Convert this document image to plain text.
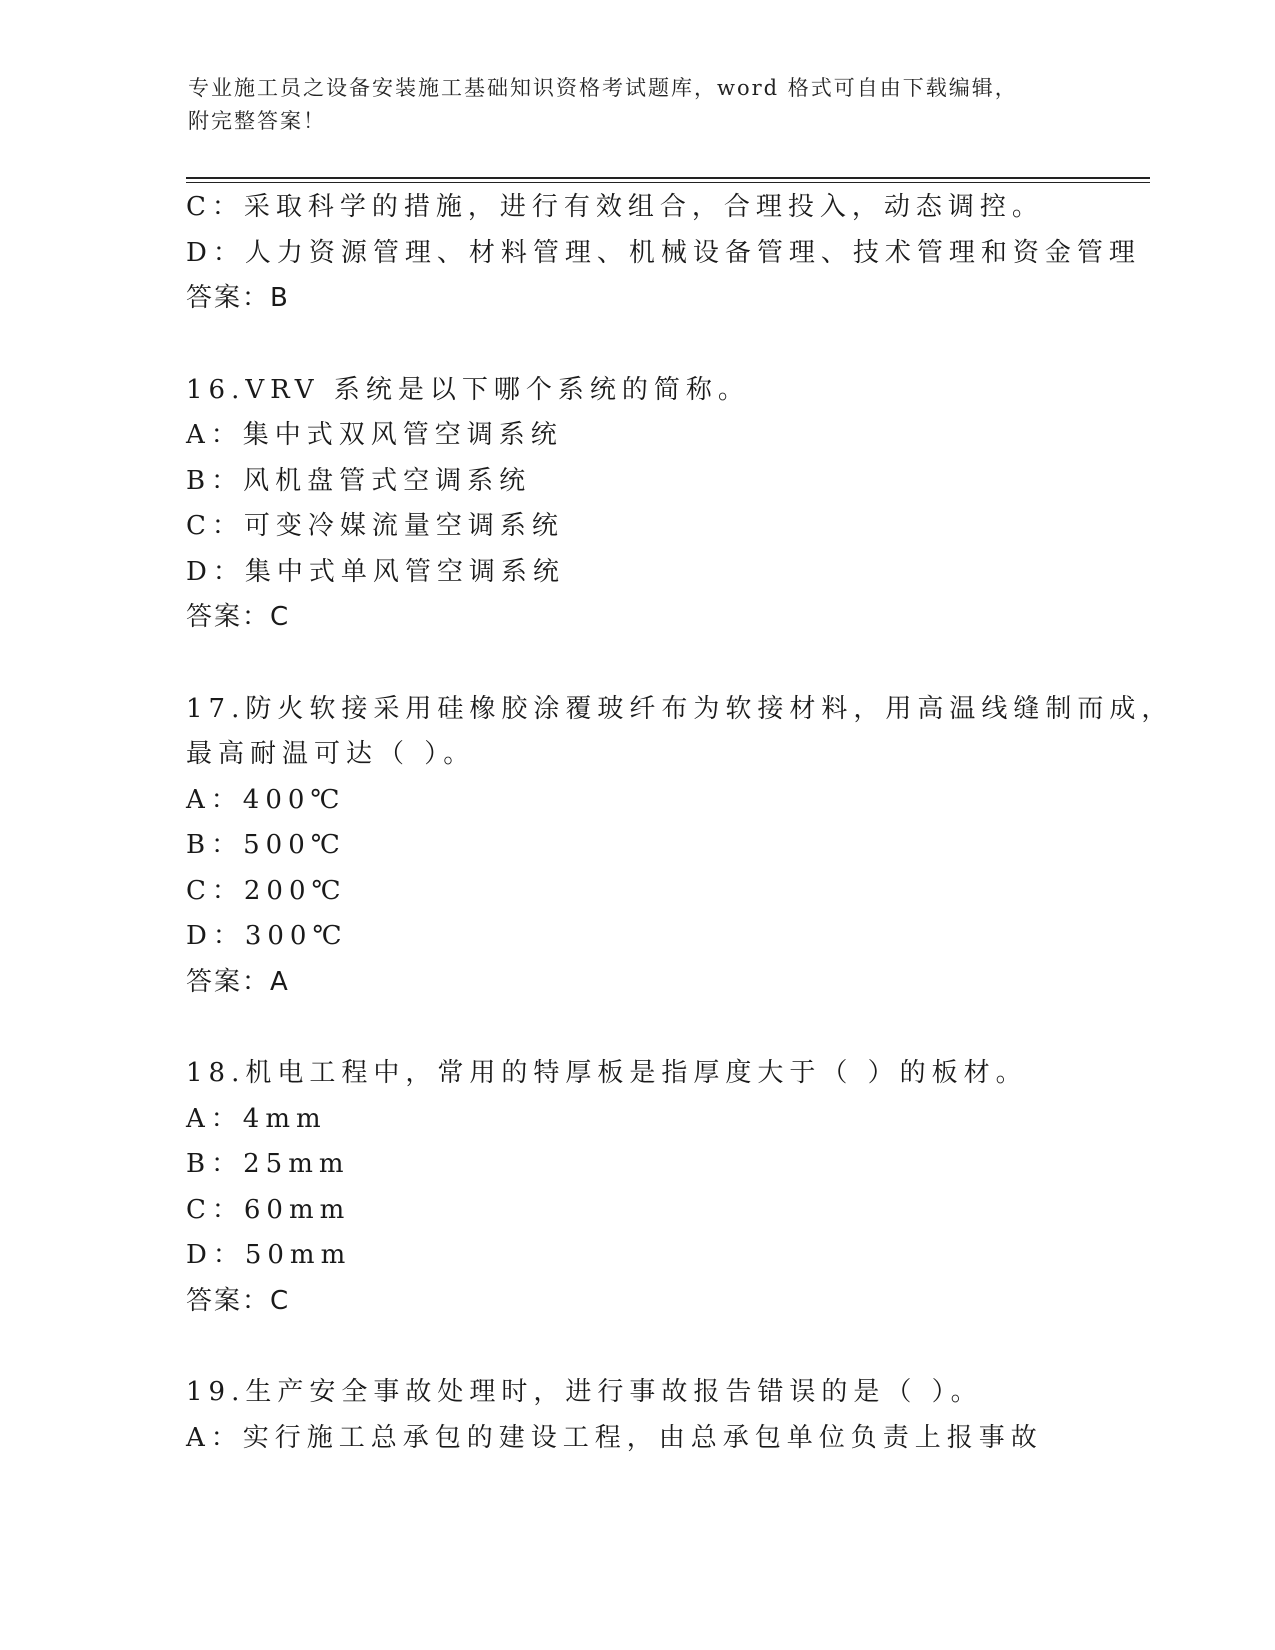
专业施工员之设备安装施工基础知识资格考试题库，word 格式可自由下载编辑，
附完整答案！
C：采取科学的措施，进行有效组合，合理投入，动态调控。
D：人力资源管理、材料管理、机械设备管理、技术管理和资金管理
答案：B
16.VRV 系统是以下哪个系统的简称。
A：集中式双风管空调系统
B：风机盘管式空调系统
C：可变冷媒流量空调系统
D：集中式单风管空调系统
答案：C
17.防火软接采用硅橡胶涂覆玻纤布为软接材料，用高温线缝制而成，
最高耐温可达（ ）。
A：400℃
B：500℃
C：200℃
D：300℃
答案：A
18.机电工程中，常用的特厚板是指厚度大于（ ）的板材。
A：4mm
B：25mm
C：60mm
D：50mm
答案：C
19.生产安全事故处理时，进行事故报告错误的是（ ）。
A：实行施工总承包的建设工程，由总承包单位负责上报事故
